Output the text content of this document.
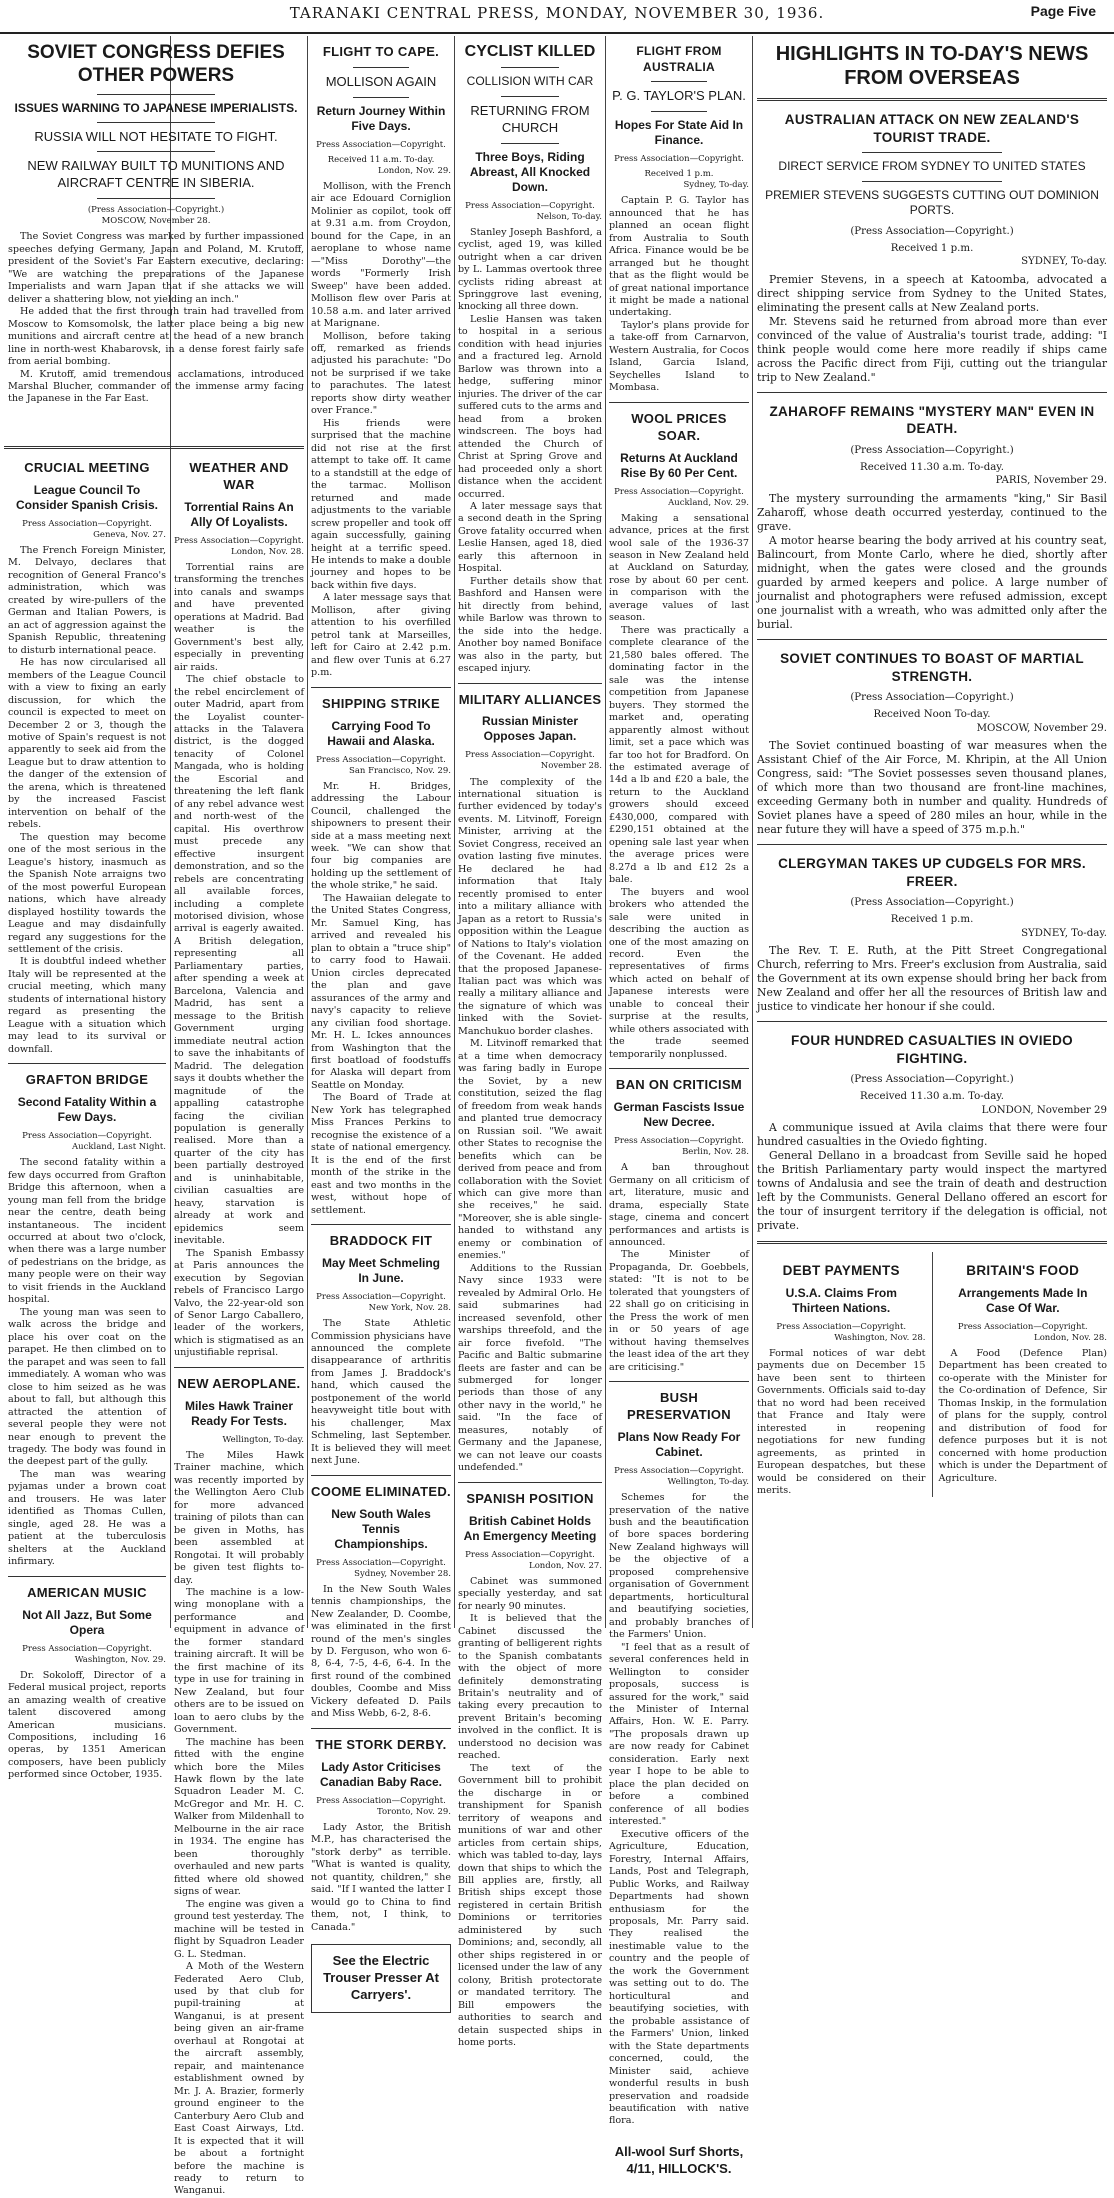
TARANAKI CENTRAL PRESS, MONDAY, NOVEMBER 30, 1936.	Page Five
SOVIET CONGRESS DEFIES OTHER POWERS
ISSUES WARNING TO JAPANESE IMPERIALISTS.
RUSSIA WILL NOT HESITATE TO FIGHT.
NEW RAILWAY BUILT TO MUNITIONS AND AIRCRAFT CENTRE IN SIBERIA.
(Press Association—Copyright.)
MOSCOW, November 28.

The Soviet Congress was marked by further impassioned speeches defying Germany, Japan and Poland, M. Krutoff, president of the Soviet's Far Eastern executive, declaring: "We are watching the preparations of the Japanese Imperialists and warn Japan that if she attacks we will deliver a shattering blow, not yielding an inch."

He added that the first through train had travelled from Moscow to Komsomolsk, the latter place being a big new munitions and aircraft centre at the head of a new branch line in north-west Khabarovsk, in a dense forest fairly safe from aerial bombing.

M. Krutoff, amid tremendous acclamations, introduced Marshal Blucher, commander of the immense army facing the Japanese in the Far East.

CRUCIAL MEETING
League Council To Consider Spanish Crisis.
Press Association—Copyright.
Geneva, Nov. 27.

The French Foreign Minister, M. Delvayo, declares that recognition of General Franco's administration, which was created by wire-pullers of the German and Italian Powers, is an act of aggression against the Spanish Republic, threatening to disturb international peace.

He has now circularised all members of the League Council with a view to fixing an early discussion, for which the council is expected to meet on December 2 or 3, though the motive of Spain's request is not apparently to seek aid from the League but to draw attention to the danger of the extension of the arena, which is threatened by the increased Fascist intervention on behalf of the rebels.

The question may become one of the most serious in the League's history, inasmuch as the Spanish Note arraigns two of the most powerful European nations, which have already displayed hostility towards the League and may disdainfully regard any suggestions for the settlement of the crisis.

It is doubtful indeed whether Italy will be represented at the crucial meeting, which many students of international history regard as presenting the League with a situation which may lead to its survival or downfall.

GRAFTON BRIDGE
Second Fatality Within a Few Days.
Press Association—Copyright.
Auckland, Last Night.

The second fatality within a few days occurred from Grafton Bridge this afternoon, when a young man fell from the bridge near the centre, death being instantaneous. The incident occurred at about two o'clock, when there was a large number of pedestrians on the bridge, as many people were on their way to visit friends in the Auckland hospital.

The young man was seen to walk across the bridge and place his over coat on the parapet. He then climbed on to the parapet and was seen to fall immediately. A woman who was close to him seized as he was about to fall, but although this attracted the attention of several people they were not near enough to prevent the tragedy. The body was found in the deepest part of the gully.

The man was wearing pyjamas under a brown coat and trousers. He was later identified as Thomas Cullen, single, aged 28. He was a patient at the tuberculosis shelters at the Auckland infirmary.

AMERICAN MUSIC
Not All Jazz, But Some Opera
Press Association—Copyright.
Washington, Nov. 29.

Dr. Sokoloff, Director of a Federal musical project, reports an amazing wealth of creative talent discovered among American musicians. Compositions, including 16 operas, by 1351 American composers, have been publicly performed since October, 1935.

WEATHER AND WAR
Torrential Rains An Ally Of Loyalists.
Press Association—Copyright.
London, Nov. 28.

Torrential rains are transforming the trenches into canals and swamps and have prevented operations at Madrid. Bad weather is the Government's best ally, especially in preventing air raids.

The chief obstacle to the rebel encirclement of outer Madrid, apart from the Loyalist counter-attacks in the Talavera district, is the dogged tenacity of Colonel Mangada, who is holding the Escorial and threatening the left flank of any rebel advance west and north-west of the capital. His overthrow must precede any effective insurgent demonstration, and so the rebels are concentrating all available forces, including a complete motorised division, whose arrival is eagerly awaited. A British delegation, representing all Parliamentary parties, after spending a week at Barcelona, Valencia and Madrid, has sent a message to the British Government urging immediate neutral action to save the inhabitants of Madrid. The delegation says it doubts whether the magnitude of the appalling catastrophe facing the civilian population is generally realised. More than a quarter of the city has been partially destroyed and is uninhabitable, civilian casualties are heavy, starvation is already at work and epidemics seem inevitable.

The Spanish Embassy at Paris announces the execution by Segovian rebels of Francisco Largo Valvo, the 22-year-old son of Senor Largo Caballero, leader of the workers, which is stigmatised as an unjustifiable reprisal.

NEW AEROPLANE.
Miles Hawk Trainer Ready For Tests.
Wellington, To-day.

The Miles Hawk Trainer machine, which was recently imported by the Wellington Aero Club for more advanced training of pilots than can be given in Moths, has been assembled at Rongotai. It will probably be given test flights to-day.

The machine is a low-wing monoplane with a performance and equipment in advance of the former standard training aircraft. It will be the first machine of its type in use for training in New Zealand, but four others are to be issued on loan to aero clubs by the Government.

The machine has been fitted with the engine which bore the Miles Hawk flown by the late Squadron Leader M. C. McGregor and Mr. H. C. Walker from Mildenhall to Melbourne in the air race in 1934. The engine has been thoroughly overhauled and new parts fitted where old showed signs of wear.

The engine was given a ground test yesterday. The machine will be tested in flight by Squadron Leader G. L. Stedman.

A Moth of the Western Federated Aero Club, used by that club for pupil-training at Wanganui, is at present being given an air-frame overhaul at Rongotai at the aircraft assembly, repair, and maintenance establishment owned by Mr. J. A. Brazier, formerly ground engineer to the Canterbury Aero Club and East Coast Airways, Ltd. It is expected that it will be about a fortnight before the machine is ready to return to Wanganui.

FLIGHT TO CAPE.
MOLLISON AGAIN
Return Journey Within Five Days.
Press Association—Copyright.
Received 11 a.m. To-day.
London, Nov. 29.

Mollison, with the French air ace Edouard Corniglion Molinier as copilot, took off at 9.31 a.m. from Croydon, bound for the Cape, in an aeroplane to whose name—"Miss Dorothy"—the words "Formerly Irish Sweep" have been added. Mollison flew over Paris at 10.58 a.m. and later arrived at Marignane.

Mollison, before taking off, remarked as friends adjusted his parachute: "Do not be surprised if we take to parachutes. The latest reports show dirty weather over France."

His friends were surprised that the machine did not rise at the first attempt to take off. It came to a standstill at the edge of the tarmac. Mollison returned and made adjustments to the variable screw propeller and took off again successfully, gaining height at a terrific speed. He intends to make a double journey and hopes to be back within five days.

A later message says that Mollison, after giving attention to his overfilled petrol tank at Marseilles, left for Cairo at 2.42 p.m. and flew over Tunis at 6.27 p.m.

SHIPPING STRIKE
Carrying Food To Hawaii and Alaska.
Press Association—Copyright.
San Francisco, Nov. 29.

Mr. H. Bridges, addressing the Labour Council, challenged the shipowners to present their side at a mass meeting next week. "We can show that four big companies are holding up the settlement of the whole strike," he said.

The Hawaiian delegate to the United States Congress, Mr. Samuel King, has arrived and revealed his plan to obtain a "truce ship" to carry food to Hawaii. Union circles deprecated the plan and gave assurances of the army and navy's capacity to relieve any civilian food shortage. Mr. H. L. Ickes announces from Washington that the first boatload of foodstuffs for Alaska will depart from Seattle on Monday.

The Board of Trade at New York has telegraphed Miss Frances Perkins to recognise the existence of a state of national emergency. It is the end of the first month of the strike in the east and two months in the west, without hope of settlement.

BRADDOCK FIT
May Meet Schmeling In June.
Press Association—Copyright.
New York, Nov. 28.

The State Athletic Commission physicians have announced the complete disappearance of arthritis from James J. Braddock's hand, which caused the postponement of the world heavyweight title bout with his challenger, Max Schmeling, last September. It is believed they will meet next June.

COOME ELIMINATED.
New South Wales Tennis Championships.
Press Association—Copyright.
Sydney, November 28.

In the New South Wales tennis championships, the New Zealander, D. Coombe, was eliminated in the first round of the men's singles by D. Ferguson, who won 6-8, 6-4, 7-5, 4-6, 6-4. In the first round of the combined doubles, Coombe and Miss Vickery defeated D. Pails and Miss Webb, 6-2, 8-6.

THE STORK DERBY.
Lady Astor Criticises Canadian Baby Race.
Press Association—Copyright.
Toronto, Nov. 29.

Lady Astor, the British M.P., has characterised the "stork derby" as terrible. "What is wanted is quality, not quantity, children," she said. "If I wanted the latter I would go to China to find them, not, I think, to Canada."

See the Electric Trouser Presser At Carryers'.
CYCLIST KILLED
COLLISION WITH CAR
RETURNING FROM CHURCH
Three Boys, Riding Abreast, All Knocked Down.
Press Association—Copyright.
Nelson, To-day.

Stanley Joseph Bashford, a cyclist, aged 19, was killed outright when a car driven by L. Lammas overtook three cyclists riding abreast at Springgrove last evening, knocking all three down.

Leslie Hansen was taken to hospital in a serious condition with head injuries and a fractured leg. Arnold Barlow was thrown into a hedge, suffering minor injuries. The driver of the car suffered cuts to the arms and head from a broken windscreen. The boys had attended the Church of Christ at Spring Grove and had proceeded only a short distance when the accident occurred.

A later message says that a second death in the Spring Grove fatality occurred when Leslie Hansen, aged 18, died early this afternoon in Hospital.

Further details show that Bashford and Hansen were hit directly from behind, while Barlow was thrown to the side into the hedge. Another boy named Boniface was also in the party, but escaped injury.

MILITARY ALLIANCES
Russian Minister Opposes Japan.
Press Association—Copyright.
November 28.

The complexity of the international situation is further evidenced by today's events. M. Litvinoff, Foreign Minister, arriving at the Soviet Congress, received an ovation lasting five minutes. He declared he had information that Italy recently promised to enter into a military alliance with Japan as a retort to Russia's opposition within the League of Nations to Italy's violation of the Covenant. He added that the proposed Japanese-Italian pact was which was really a military alliance and the signature of which was linked with the Soviet-Manchukuo border clashes.

M. Litvinoff remarked that at a time when democracy was faring badly in Europe the Soviet, by a new constitution, seized the flag of freedom from weak hands and planted true democracy on Russian soil. "We await other States to recognise the benefits which can be derived from peace and from collaboration with the Soviet which can give more than she receives," he said. "Moreover, she is able single-handed to withstand any enemy or combination of enemies."

Additions to the Russian Navy since 1933 were revealed by Admiral Orlo. He said submarines had increased sevenfold, other warships threefold, and the air force fivefold. "The Pacific and Baltic submarine fleets are faster and can be submerged for longer periods than those of any other navy in the world," he said. "In the face of measures, notably of Germany and the Japanese, we can not leave our coasts undefended."

SPANISH POSITION
British Cabinet Holds An Emergency Meeting
Press Association—Copyright.
London, Nov. 27.

Cabinet was summoned specially yesterday, and sat for nearly 90 minutes.

It is believed that the Cabinet discussed the granting of belligerent rights to the Spanish combatants with the object of more definitely demonstrating Britain's neutrality and of taking every precaution to prevent Britain's becoming involved in the conflict. It is understood no decision was reached.

The text of the Government bill to prohibit the discharge in or transhipment for Spanish territory of weapons and munitions of war and other articles from certain ships, which was tabled to-day, lays down that ships to which the Bill applies are, firstly, all British ships except those registered in certain British Dominions or territories administered by such Dominions; and, secondly, all other ships registered in or licensed under the law of any colony, British protectorate or mandated territory. The Bill empowers the authorities to search and detain suspected ships in home ports.

FLIGHT FROM AUSTRALIA
P. G. TAYLOR'S PLAN.
Hopes For State Aid In Finance.
Press Association—Copyright.
Received 1 p.m.
Sydney, To-day.

Captain P. G. Taylor has announced that he has planned an ocean flight from Australia to South Africa. Finance would be be arranged but he thought that as the flight would be of great national importance it might be made a national undertaking.

Taylor's plans provide for a take-off from Carnarvon, Western Australia, for Cocos Island, Garcia Island, Seychelles Island to Mombasa.

WOOL PRICES SOAR.
Returns At Auckland Rise By 60 Per Cent.
Press Association—Copyright.
Auckland, Nov. 29.

Making a sensational advance, prices at the first wool sale of the 1936-37 season in New Zealand held at Auckland on Saturday, rose by about 60 per cent. in comparison with the average values of last season.

There was practically a complete clearance of the 21,580 bales offered. The dominating factor in the sale was the intense competition from Japanese buyers. They stormed the market and, operating apparently almost without limit, set a pace which was far too hot for Bradford. On the estimated average of 14d a lb and £20 a bale, the return to the Auckland growers should exceed £430,000, compared with £290,151 obtained at the opening sale last year when the average prices were 8.27d a lb and £12 2s a bale.

The buyers and wool brokers who attended the sale were united in describing the auction as one of the most amazing on record. Even the representatives of firms which acted on behalf of Japanese interests were unable to conceal their surprise at the results, while others associated with the trade seemed temporarily nonplussed.

BAN ON CRITICISM
German Fascists Issue New Decree.
Press Association—Copyright.
Berlin, Nov. 28.

A ban throughout Germany on all criticism of art, literature, music and drama, especially State stage, cinema and concert performances and artists is announced.

The Minister of Propaganda, Dr. Goebbels, stated: "It is not to be tolerated that youngsters of 22 shall go on criticising in the Press the work of men in or 50 years of age without having themselves the least idea of the art they are criticising."

BUSH PRESERVATION
Plans Now Ready For Cabinet.
Press Association—Copyright.
Wellington, To-day.

Schemes for the preservation of the native bush and the beautification of bore spaces bordering New Zealand highways will be the objective of a proposed comprehensive organisation of Government departments, horticultural and beautifying societies, and probably branches of the Farmers' Union.

"I feel that as a result of several conferences held in Wellington to consider proposals, success is assured for the work," said the Minister of Internal Affairs, Hon. W. E. Parry. "The proposals drawn up are now ready for Cabinet consideration. Early next year I hope to be able to place the plan decided on before a combined conference of all bodies interested."

Executive officers of the Agriculture, Education, Forestry, Internal Affairs, Lands, Post and Telegraph, Public Works, and Railway Departments had shown enthusiasm for the proposals, Mr. Parry said. They realised the inestimable value to the country and the people of the work the Government was setting out to do. The horticultural and beautifying societies, with the probable assistance of the Farmers' Union, linked with the State departments concerned, could, the Minister said, achieve wonderful results in bush preservation and roadside beautification with native flora.

All-wool Surf Shorts, 4/11, HILLOCK'S.
HIGHLIGHTS IN TO-DAY'S NEWS FROM OVERSEAS
AUSTRALIAN ATTACK ON NEW ZEALAND'S TOURIST TRADE.
DIRECT SERVICE FROM SYDNEY TO UNITED STATES
PREMIER STEVENS SUGGESTS CUTTING OUT DOMINION PORTS.
(Press Association—Copyright.)
Received 1 p.m.
SYDNEY, To-day.

Premier Stevens, in a speech at Katoomba, advocated a direct shipping service from Sydney to the United States, eliminating the present calls at New Zealand ports.

Mr. Stevens said he returned from abroad more than ever convinced of the value of Australia's tourist trade, adding: "I think people would come here more readily if ships came across the Pacific direct from Fiji, cutting out the triangular trip to New Zealand."

ZAHAROFF REMAINS "MYSTERY MAN" EVEN IN DEATH.
(Press Association—Copyright.)
Received 11.30 a.m. To-day.
PARIS, November 29.

The mystery surrounding the armaments "king," Sir Basil Zaharoff, whose death occurred yesterday, continued to the grave.

A motor hearse bearing the body arrived at his country seat, Balincourt, from Monte Carlo, where he died, shortly after midnight, when the gates were closed and the grounds guarded by armed keepers and police. A large number of journalist and photographers were refused admission, except one journalist with a wreath, who was admitted only after the burial.

SOVIET CONTINUES TO BOAST OF MARTIAL STRENGTH.
(Press Association—Copyright.)
Received Noon To-day.
MOSCOW, November 29.

The Soviet continued boasting of war measures when the Assistant Chief of the Air Force, M. Khripin, at the All Union Congress, said: "The Soviet possesses seven thousand planes, of which more than two thousand are front-line machines, exceeding Germany both in number and quality. Hundreds of Soviet planes have a speed of 280 miles an hour, while in the near future they will have a speed of 375 m.p.h."

CLERGYMAN TAKES UP CUDGELS FOR MRS. FREER.
(Press Association—Copyright.)
Received 1 p.m.
SYDNEY, To-day.

The Rev. T. E. Ruth, at the Pitt Street Congregational Church, referring to Mrs. Freer's exclusion from Australia, said the Government at its own expense should bring her back from New Zealand and offer her all the resources of British law and justice to vindicate her honour if she could.

FOUR HUNDRED CASUALTIES IN OVIEDO FIGHTING.
(Press Association—Copyright.)
Received 11.30 a.m. To-day.
LONDON, November 29

A communique issued at Avila claims that there were four hundred casualties in the Oviedo fighting.

General Dellano in a broadcast from Seville said he hoped the British Parliamentary party would inspect the martyred towns of Andalusia and see the train of death and destruction left by the Communists. General Dellano offered an escort for the tour of insurgent territory if the delegation is official, not private.

DEBT PAYMENTS
U.S.A. Claims From Thirteen Nations.
Press Association—Copyright.
Washington, Nov. 28.

Formal notices of war debt payments due on December 15 have been sent to thirteen Governments. Officials said to-day that no word had been received that France and Italy were interested in reopening negotiations for new funding agreements, as printed in European despatches, but these would be considered on their merits.

BRITAIN'S FOOD
Arrangements Made In Case Of War.
Press Association—Copyright.
London, Nov. 28.

A Food (Defence Plan) Department has been created to co-operate with the Minister for the Co-ordination of Defence, Sir Thomas Inskip, in the formulation of plans for the supply, control and distribution of food for defence purposes but it is not concerned with home production which is under the Department of Agriculture.
